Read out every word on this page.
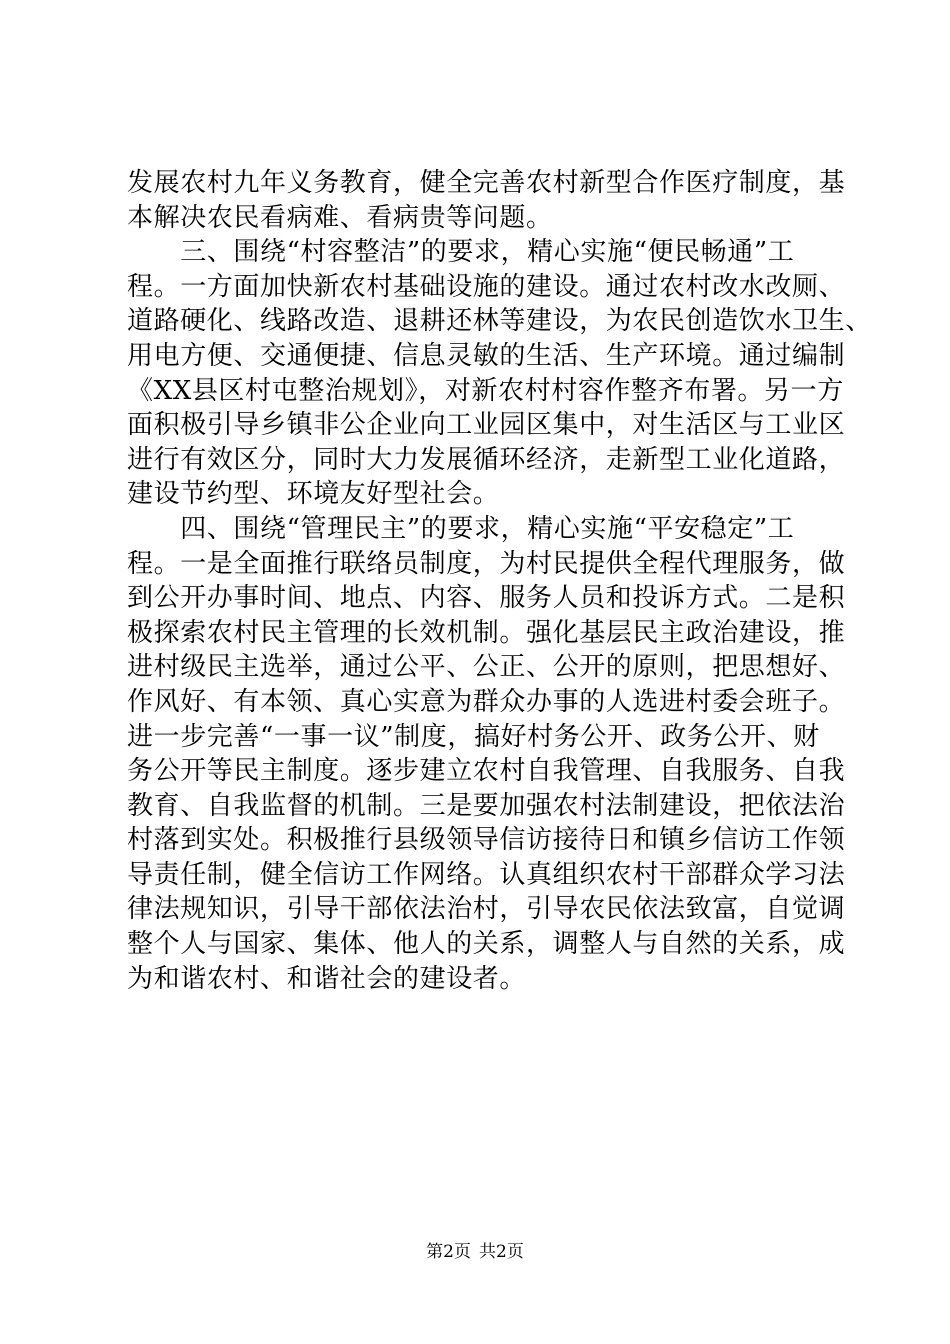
发展农村九年义务教育，健全完善农村新型合作医疗制度，基
本解决农民看病难、看病贵等问题。
　　三、围绕“村容整洁”的要求，精心实施“便民畅通”工
程。一方面加快新农村基础设施的建设。通过农村改水改厕、
道路硬化、线路改造、退耕还林等建设，为农民创造饮水卫生、
用电方便、交通便捷、信息灵敏的生活、生产环境。通过编制
《XX县区村屯整治规划》，对新农村村容作整齐布署。另一方
面积极引导乡镇非公企业向工业园区集中，对生活区与工业区
进行有效区分，同时大力发展循环经济，走新型工业化道路，
建设节约型、环境友好型社会。
　　四、围绕“管理民主”的要求，精心实施“平安稳定”工
程。一是全面推行联络员制度，为村民提供全程代理服务，做
到公开办事时间、地点、内容、服务人员和投诉方式。二是积
极探索农村民主管理的长效机制。强化基层民主政治建设，推
进村级民主选举，通过公平、公正、公开的原则，把思想好、
作风好、有本领、真心实意为群众办事的人选进村委会班子。
进一步完善“一事一议”制度，搞好村务公开、政务公开、财
务公开等民主制度。逐步建立农村自我管理、自我服务、自我
教育、自我监督的机制。三是要加强农村法制建设，把依法治
村落到实处。积极推行县级领导信访接待日和镇乡信访工作领
导责任制，健全信访工作网络。认真组织农村干部群众学习法
律法规知识，引导干部依法治村，引导农民依法致富，自觉调
整个人与国家、集体、他人的关系，调整人与自然的关系，成
为和谐农村、和谐社会的建设者。
第2页 共2页
